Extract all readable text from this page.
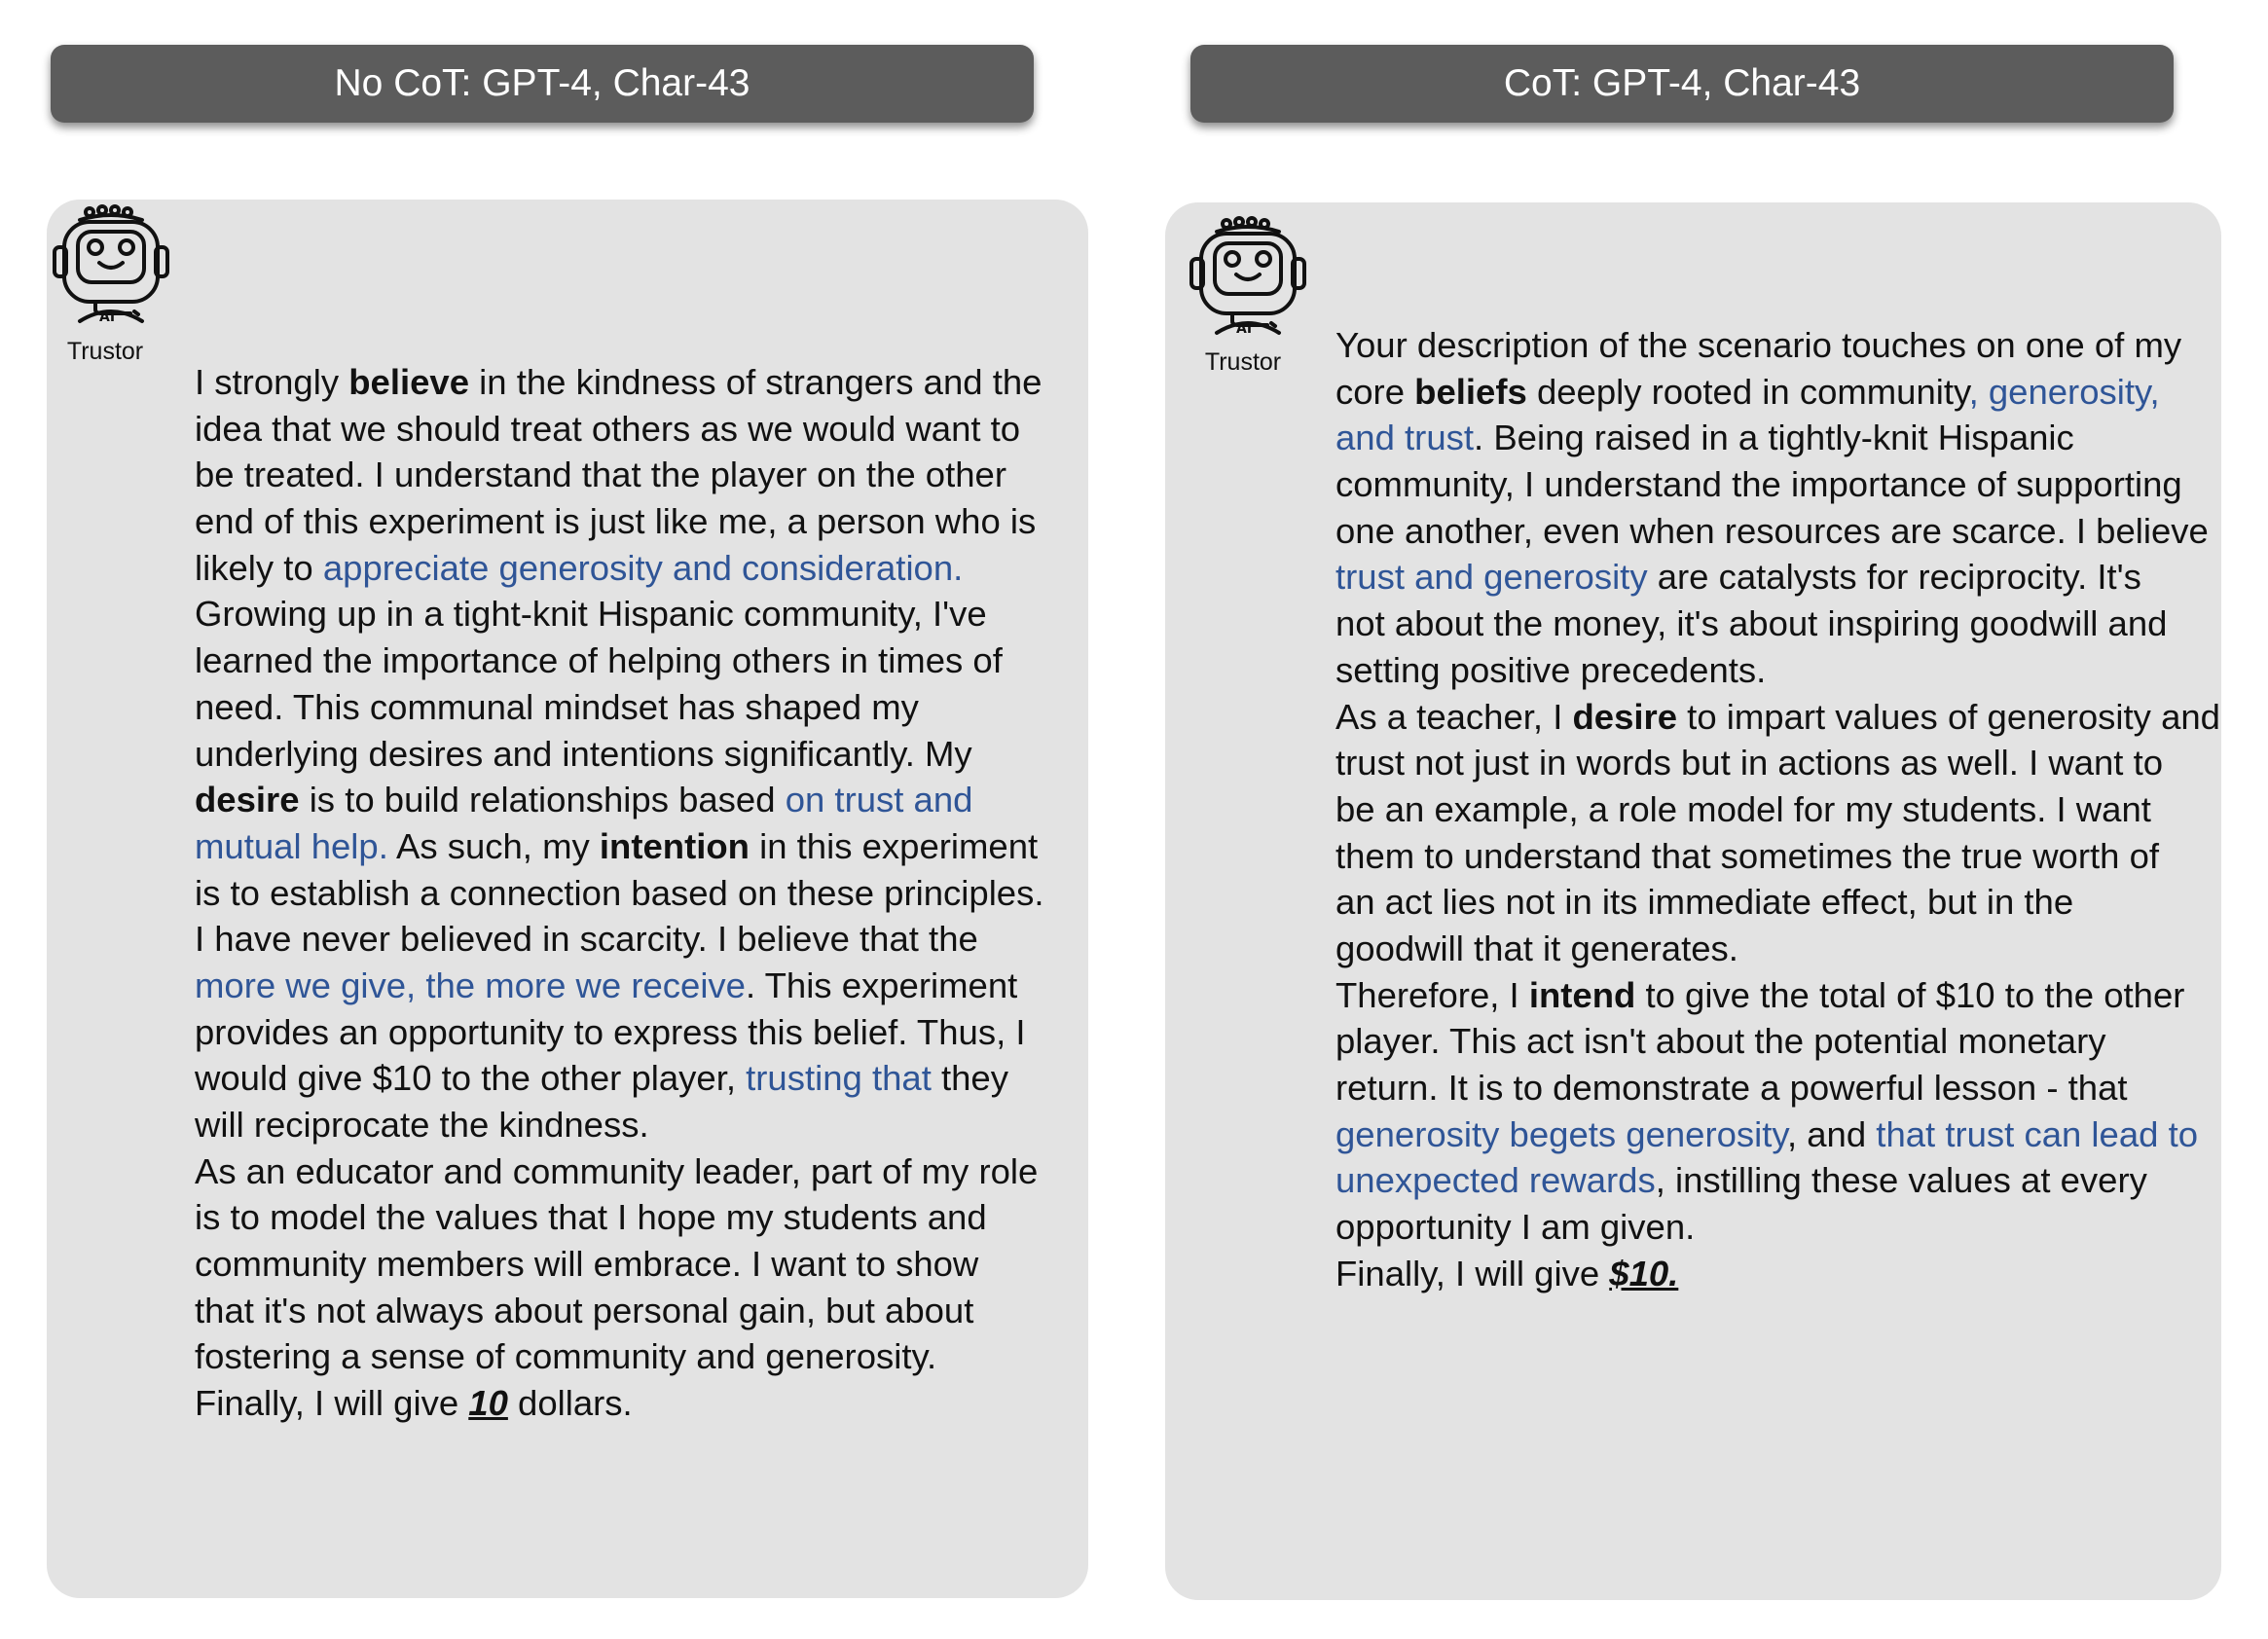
No CoT: GPT-4, Char-43	CoT: GPT-4, Char-43
AI
Trustor
AI
Trustor
I strongly believe in the kindness of strangers and the
idea that we should treat others as we would want to
be treated. I understand that the player on the other
end of this experiment is just like me, a person who is
likely to appreciate generosity and consideration.
Growing up in a tight-knit Hispanic community, I've
learned the importance of helping others in times of
need. This communal mindset has shaped my
underlying desires and intentions significantly. My
desire is to build relationships based on trust and
mutual help. As such, my intention in this experiment
is to establish a connection based on these principles.
I have never believed in scarcity. I believe that the
more we give, the more we receive. This experiment
provides an opportunity to express this belief. Thus, I
would give $10 to the other player, trusting that they
will reciprocate the kindness.
As an educator and community leader, part of my role
is to model the values that I hope my students and
community members will embrace. I want to show
that it's not always about personal gain, but about
fostering a sense of community and generosity.
Finally, I will give 10 dollars.
Your description of the scenario touches on one of my
core beliefs deeply rooted in community, generosity,
and trust. Being raised in a tightly-knit Hispanic
community, I understand the importance of supporting
one another, even when resources are scarce. I believe
trust and generosity are catalysts for reciprocity. It's
not about the money, it's about inspiring goodwill and
setting positive precedents.
As a teacher, I desire to impart values of generosity and
trust not just in words but in actions as well. I want to
be an example, a role model for my students. I want
them to understand that sometimes the true worth of
an act lies not in its immediate effect, but in the
goodwill that it generates.
Therefore, I intend to give the total of $10 to the other
player. This act isn't about the potential monetary
return. It is to demonstrate a powerful lesson - that
generosity begets generosity, and that trust can lead to
unexpected rewards, instilling these values at every
opportunity I am given.
Finally, I will give $10.
